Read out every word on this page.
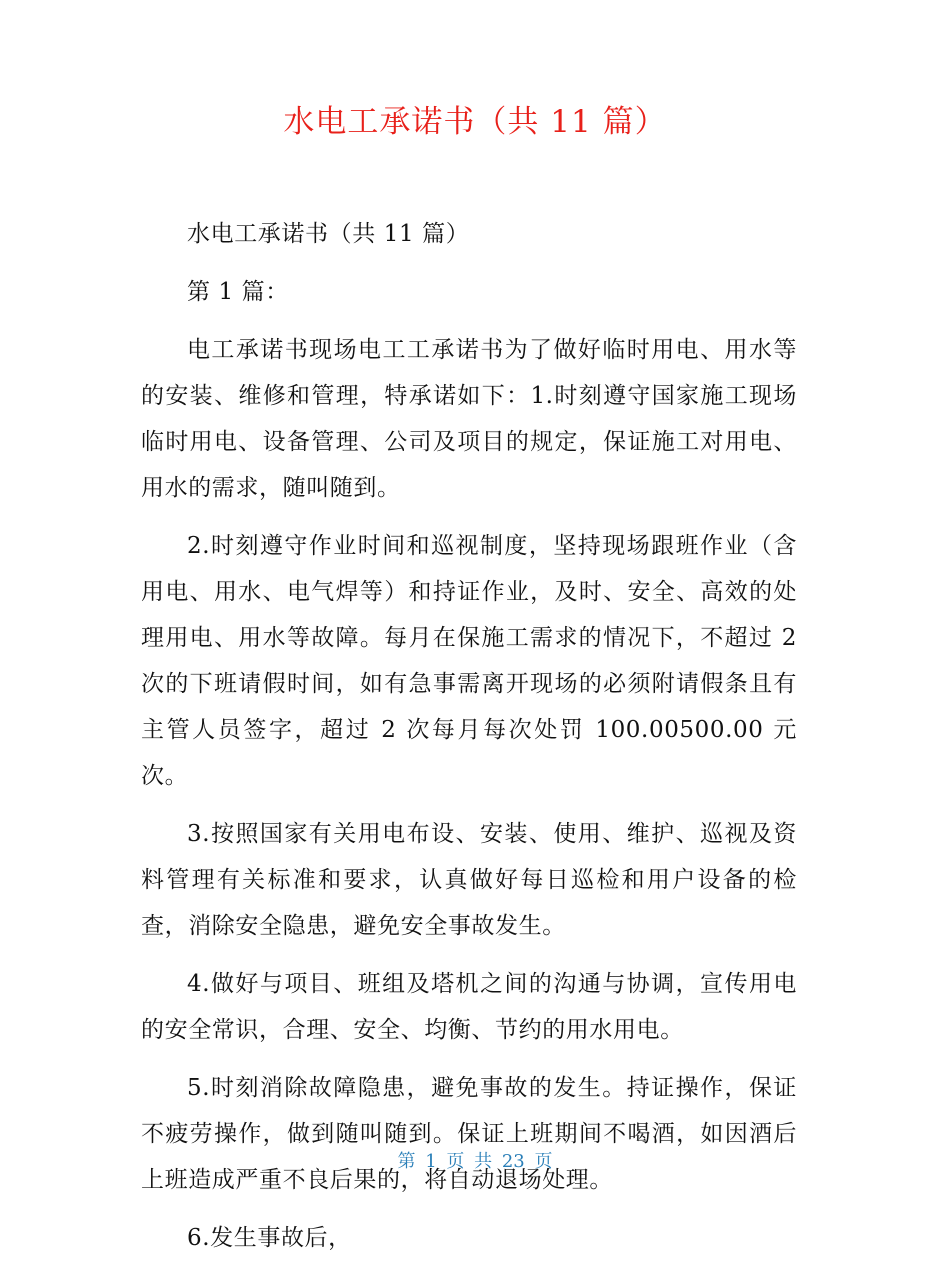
水电工承诺书（共 11 篇）

水电工承诺书（共 11 篇）

第 1 篇：

电工承诺书现场电工工承诺书为了做好临时用电、用水等的安装、维修和管理，特承诺如下：1.时刻遵守国家施工现场临时用电、设备管理、公司及项目的规定，保证施工对用电、用水的需求，随叫随到。

2.时刻遵守作业时间和巡视制度，坚持现场跟班作业（含用电、用水、电气焊等）和持证作业，及时、安全、高效的处理用电、用水等故障。每月在保施工需求的情况下，不超过 2 次的下班请假时间，如有急事需离开现场的必须附请假条且有主管人员签字，超过 2 次每月每次处罚 100.00500.00 元次。

3.按照国家有关用电布设、安装、使用、维护、巡视及资料管理有关标准和要求，认真做好每日巡检和用户设备的检查，消除安全隐患，避免安全事故发生。

4.做好与项目、班组及塔机之间的沟通与协调，宣传用电的安全常识，合理、安全、均衡、节约的用水用电。

5.时刻消除故障隐患，避免事故的发生。持证操作，保证不疲劳操作，做到随叫随到。保证上班期间不喝酒，如因酒后上班造成严重不良后果的，将自动退场处理。

6.发生事故后，

第 1 页 共 23 页
